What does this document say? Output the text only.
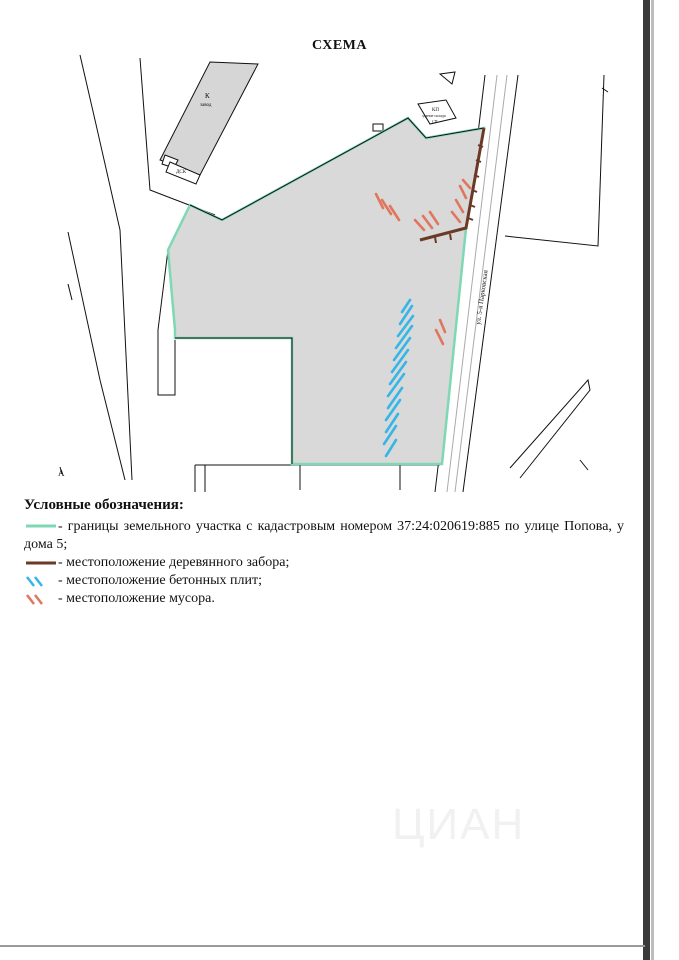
СХЕМА
К
завод
ДСК
КП
здание склада
СП
ул. 5-я Парковская
А
Условные обозначения:
- границы земельного участка с кадастровым номером 37:24:020619:885 по улице Попова, у дома 5;
- местоположение деревянного забора;
- местоположение бетонных плит;
- местоположение мусора.
ЦИАН
